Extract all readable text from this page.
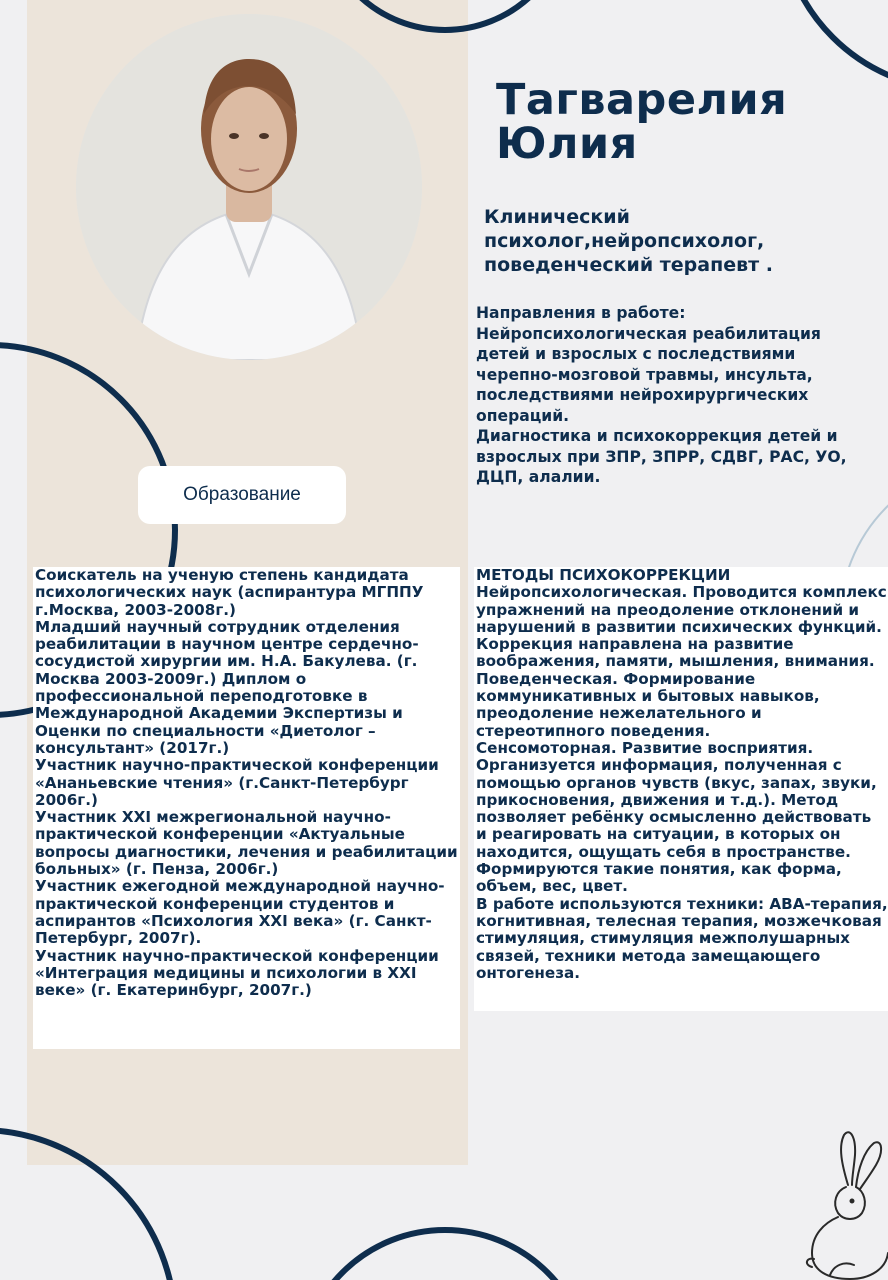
Тагварелия
Юлия
Клинический
психолог,нейропсихолог,
поведенческий терапевт .
Направления в работе:
Нейропсихологическая реабилитация
детей и взрослых с последствиями
черепно-мозговой травмы, инсульта,
последствиями нейрохирургических
операций.
Диагностика и психокоррекция детей и
взрослых при ЗПР, ЗПРР, СДВГ, РАС, УО,
ДЦП, алалии.
Образование
Соискатель на ученую степень кандидата
психологических наук (аспирантура МГППУ
г.Москва, 2003-2008г.)
Младший научный сотрудник отделения
реабилитации в научном центре сердечно-
сосудистой хирургии им. Н.А. Бакулева. (г.
Москва 2003-2009г.) Диплом о
профессиональной переподготовке в
Международной Академии Экспертизы и
Оценки по специальности «Диетолог –
консультант» (2017г.)
Участник научно-практической конференции
«Ананьевские чтения» (г.Санкт-Петербург
2006г.)
Участник XXI межрегиональной научно-
практической конференции «Актуальные
вопросы диагностики, лечения и реабилитации
больных» (г. Пенза, 2006г.)
Участник ежегодной международной научно-
практической конференции студентов и
аспирантов «Психология XXI века» (г. Санкт-
Петербург, 2007г).
Участник научно-практической конференции
«Интеграция медицины и психологии в XXI
веке» (г. Екатеринбург, 2007г.)
МЕТОДЫ ПСИХОКОРРЕКЦИИ
Нейропсихологическая. Проводится комплекс
упражнений на преодоление отклонений и
нарушений в развитии психических функций.
Коррекция направлена на развитие
воображения, памяти, мышления, внимания.
Поведенческая. Формирование
коммуникативных и бытовых навыков,
преодоление нежелательного и
стереотипного поведения.
Сенсомоторная. Развитие восприятия.
Организуется информация, полученная с
помощью органов чувств (вкус, запах, звуки,
прикосновения, движения и т.д.). Метод
позволяет ребёнку осмысленно действовать
и реагировать на ситуации, в которых он
находится, ощущать себя в пространстве.
Формируются такие понятия, как форма,
объем, вес, цвет.
В работе используются техники: АВА-терапия,
когнитивная, телесная терапия, мозжечковая
стимуляция, стимуляция межполушарных
связей, техники метода замещающего
онтогенеза.
